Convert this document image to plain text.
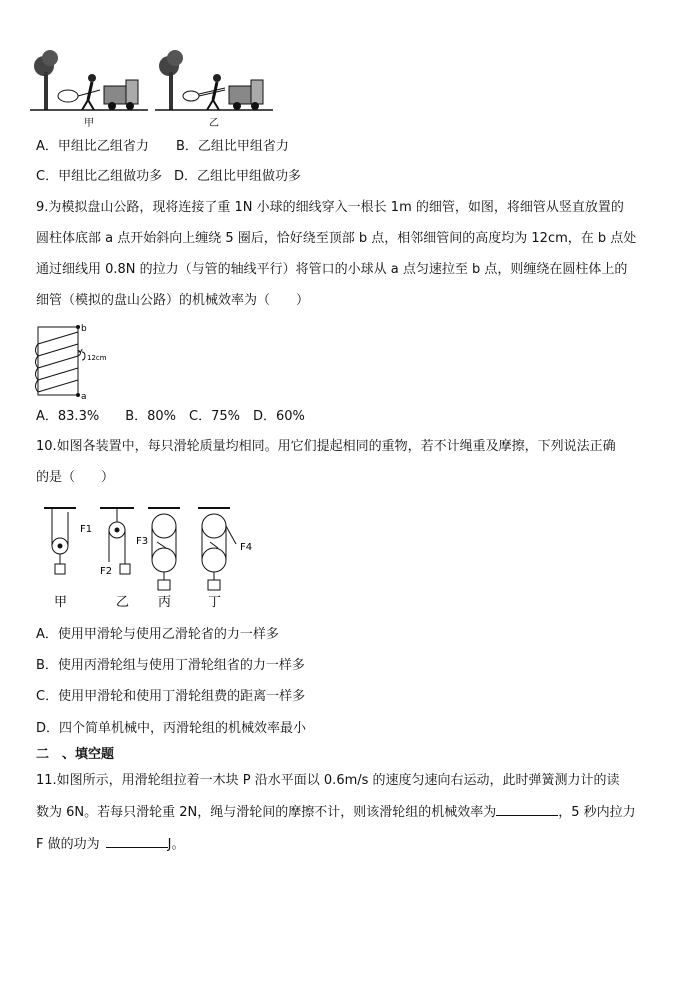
甲	乙
A．甲组比乙组省力 B．乙组比甲组省力
C．甲组比乙组做功多 D．乙组比甲组做功多
9.为模拟盘山公路，现将连接了重 1N 小球的细线穿入一根长 1m 的细管，如图，将细管从竖直放置的
圆柱体底部 a 点开始斜向上缠绕 5 圈后，恰好绕至顶部 b 点，相邻细管间的高度均为 12cm，在 b 点处
通过细线用 0.8N 的拉力（与管的轴线平行）将管口的小球从 a 点匀速拉至 b 点，则缠绕在圆柱体上的
细管（模拟的盘山公路）的机械效率为（　　）
b
a
12cm
A．83.3%　　B．80%　C．75%　D．60%
10.如图各装置中，每只滑轮质量均相同。用它们提起相同的重物，若不计绳重及摩擦，下列说法正确
的是（　　）
F1
F2
F3
F4
甲	乙 丙	丁
A．使用甲滑轮与使用乙滑轮省的力一样多
B．使用丙滑轮组与使用丁滑轮组省的力一样多
C．使用甲滑轮和使用丁滑轮组费的距离一样多
D．四个简单机械中，丙滑轮组的机械效率最小
二　、填空题
11.如图所示，用滑轮组拉着一木块 P 沿水平面以 0.6m/s 的速度匀速向右运动，此时弹簧测力计的读
数为 6N。若每只滑轮重 2N，绳与滑轮间的摩擦不计，则该滑轮组的机械效率为	，5 秒内拉力
F 做的功为	J。
